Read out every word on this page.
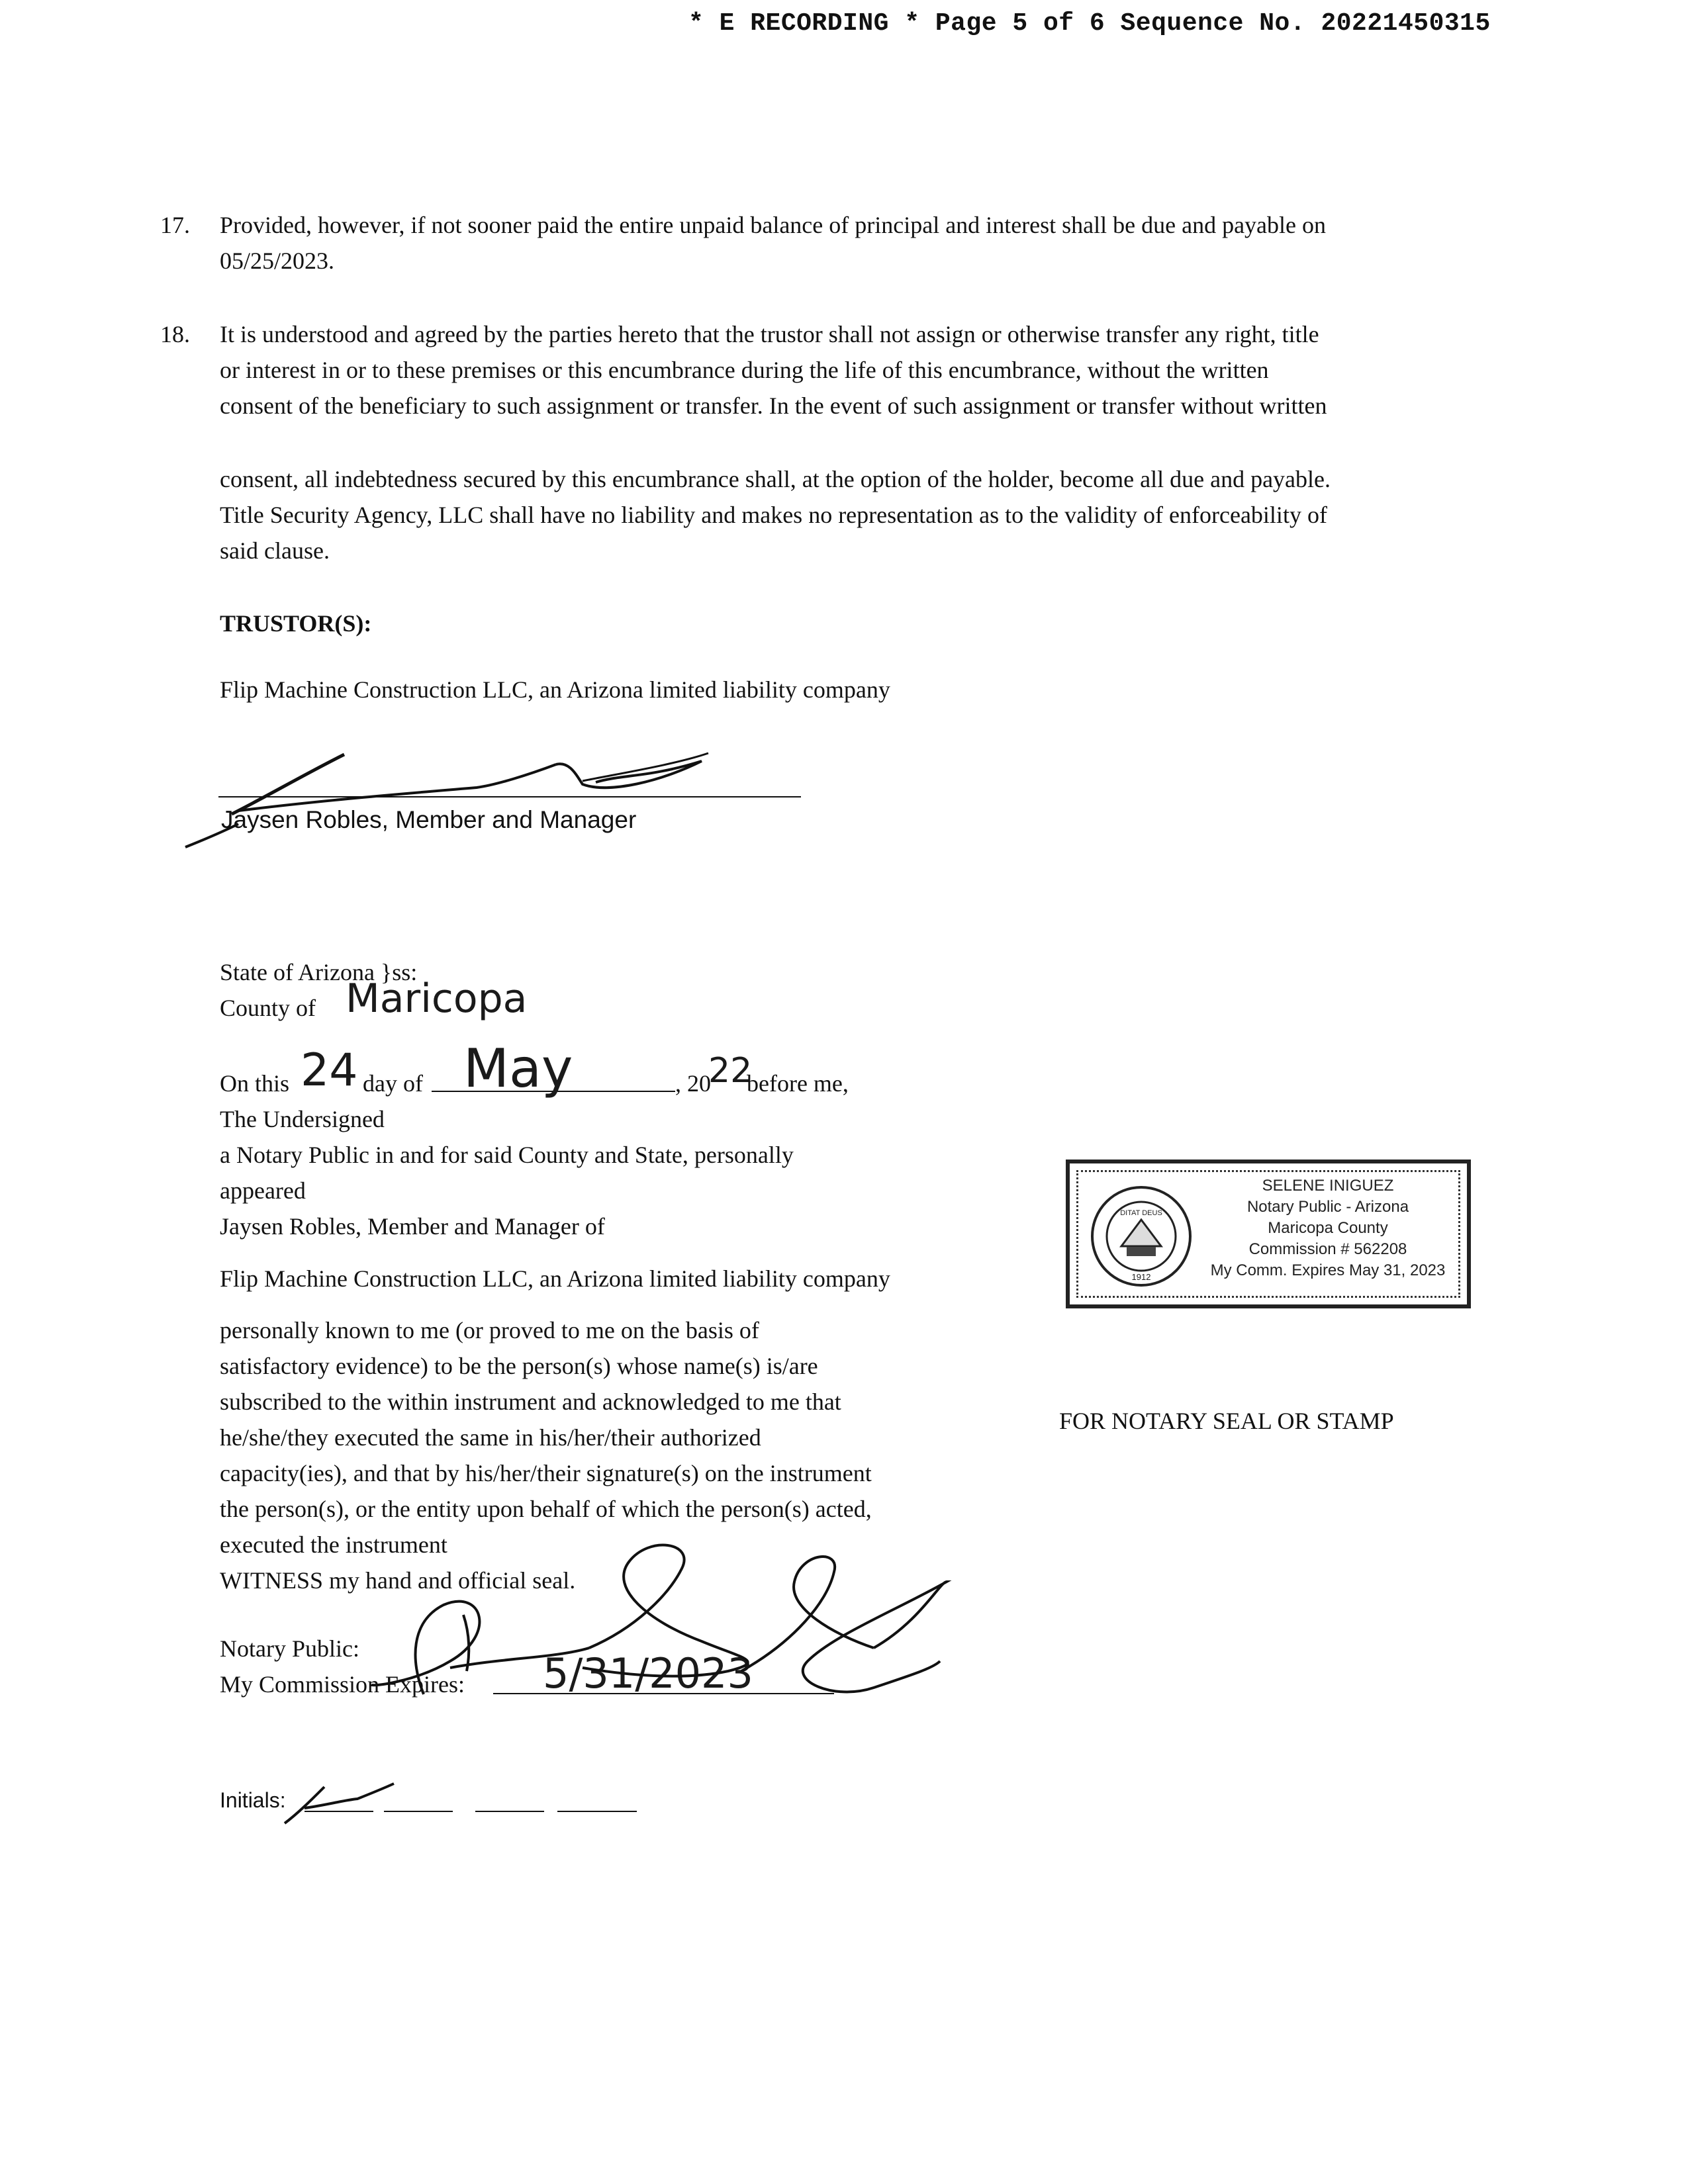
* E RECORDING * Page 5 of 6 Sequence No. 20221450315
17.	Provided, however, if not sooner paid the entire unpaid balance of principal and interest shall be due and payable on
05/25/2023.
18.	It is understood and agreed by the parties hereto that the trustor shall not assign or otherwise transfer any right, title
or interest in or to these premises or this encumbrance during the life of this encumbrance, without the written
consent of the beneficiary to such assignment or transfer. In the event of such assignment or transfer without written
consent, all indebtedness secured by this encumbrance shall, at the option of the holder, become all due and payable.
Title Security Agency, LLC shall have no liability and makes no representation as to the validity of enforceability of
said clause.
TRUSTOR(S):
Flip Machine Construction LLC, an Arizona limited liability company
Jaysen Robles, Member and Manager
State of Arizona }ss:
County of Maricopa
On this 24 day of May	, 20
22
before me,
The Undersigned
a Notary Public in and for said County and State, personally
appeared
Jaysen Robles, Member and Manager of
Flip Machine Construction LLC, an Arizona limited liability company
personally known to me (or proved to me on the basis of
satisfactory evidence) to be the person(s) whose name(s) is/are
subscribed to the within instrument and acknowledged to me that
he/she/they executed the same in his/her/their authorized
capacity(ies), and that by his/her/their signature(s) on the instrument
the person(s), or the entity upon behalf of which the person(s) acted,
executed the instrument
WITNESS my hand and official seal.
Notary Public:
My Commission Expires: 5/31/2023
DITAT DEUS
1912
SELENE INIGUEZ
Notary Public - Arizona
Maricopa County
Commission # 562208
My Comm. Expires May 31, 2023
FOR NOTARY SEAL OR STAMP
Initials:
